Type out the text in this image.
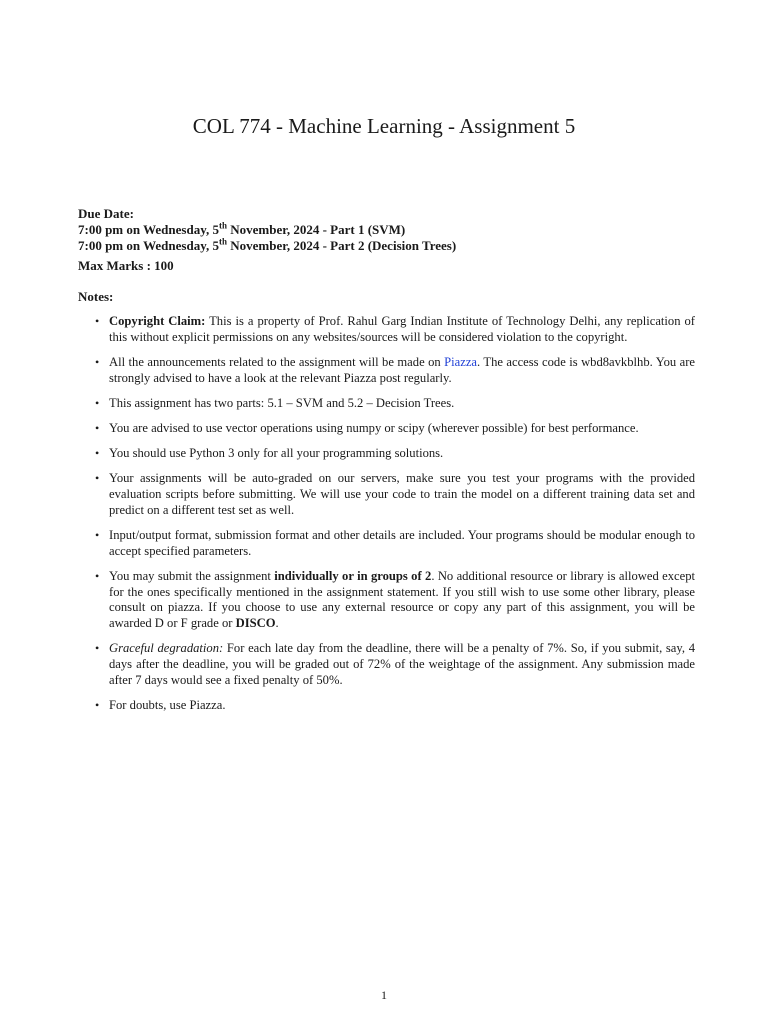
COL 774 - Machine Learning - Assignment 5
Due Date:
7:00 pm on Wednesday, 5th November, 2024 - Part 1 (SVM)
7:00 pm on Wednesday, 5th November, 2024 - Part 2 (Decision Trees)
Max Marks : 100
Notes:
• Copyright Claim: This is a property of Prof. Rahul Garg Indian Institute of Technology Delhi, any replication of this without explicit permissions on any websites/sources will be considered violation to the copyright.
• All the announcements related to the assignment will be made on Piazza. The access code is wbd8avkblhb. You are strongly advised to have a look at the relevant Piazza post regularly.
• This assignment has two parts: 5.1 – SVM and 5.2 – Decision Trees.
• You are advised to use vector operations using numpy or scipy (wherever possible) for best performance.
• You should use Python 3 only for all your programming solutions.
• Your assignments will be auto-graded on our servers, make sure you test your programs with the provided evaluation scripts before submitting. We will use your code to train the model on a different training data set and predict on a different test set as well.
• Input/output format, submission format and other details are included. Your programs should be modular enough to accept specified parameters.
• You may submit the assignment individually or in groups of 2. No additional resource or library is allowed except for the ones specifically mentioned in the assignment statement. If you still wish to use some other library, please consult on piazza. If you choose to use any external resource or copy any part of this assignment, you will be awarded D or F grade or DISCO.
• Graceful degradation: For each late day from the deadline, there will be a penalty of 7%. So, if you submit, say, 4 days after the deadline, you will be graded out of 72% of the weightage of the assignment. Any submission made after 7 days would see a fixed penalty of 50%.
• For doubts, use Piazza.
1
